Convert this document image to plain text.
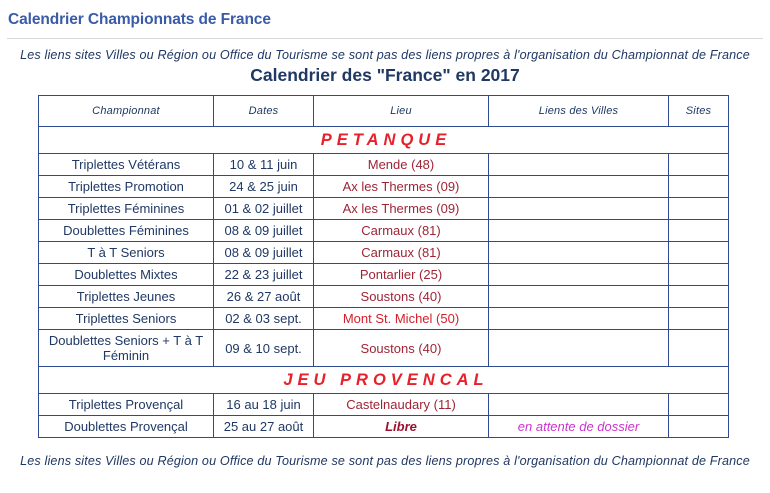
Calendrier Championnats de France
Les liens sites Villes ou Région ou Office du Tourisme se sont pas des liens propres à l'organisation du Championnat de France
Calendrier des "France" en 2017
Championnat	Dates	Lieu	Liens des Villes	Sites
PETANQUE				
Triplettes Vétérans	10 & 11 juin	Mende (48)		
Triplettes Promotion	24 & 25 juin	Ax les Thermes (09)		
Triplettes Féminines	01 & 02 juillet	Ax les Thermes (09)		
Doublettes Féminines	08 & 09 juillet	Carmaux (81)		
T à T Seniors	08 & 09 juillet	Carmaux (81)		
Doublettes Mixtes	22 & 23 juillet	Pontarlier (25)		
Triplettes Jeunes	26 & 27 août	Soustons (40)		
Triplettes Seniors	02 & 03 sept.	Mont St. Michel (50)		
Doublettes Seniors + T à T Féminin	09 & 10 sept.	Soustons (40)		
JEU PROVENCAL				
Triplettes Provençal	16 au 18 juin	Castelnaudary (11)		
Doublettes Provençal	25 au 27 août	Libre	en attente de dossier	
Les liens sites Villes ou Région ou Office du Tourisme se sont pas des liens propres à l'organisation du Championnat de France
